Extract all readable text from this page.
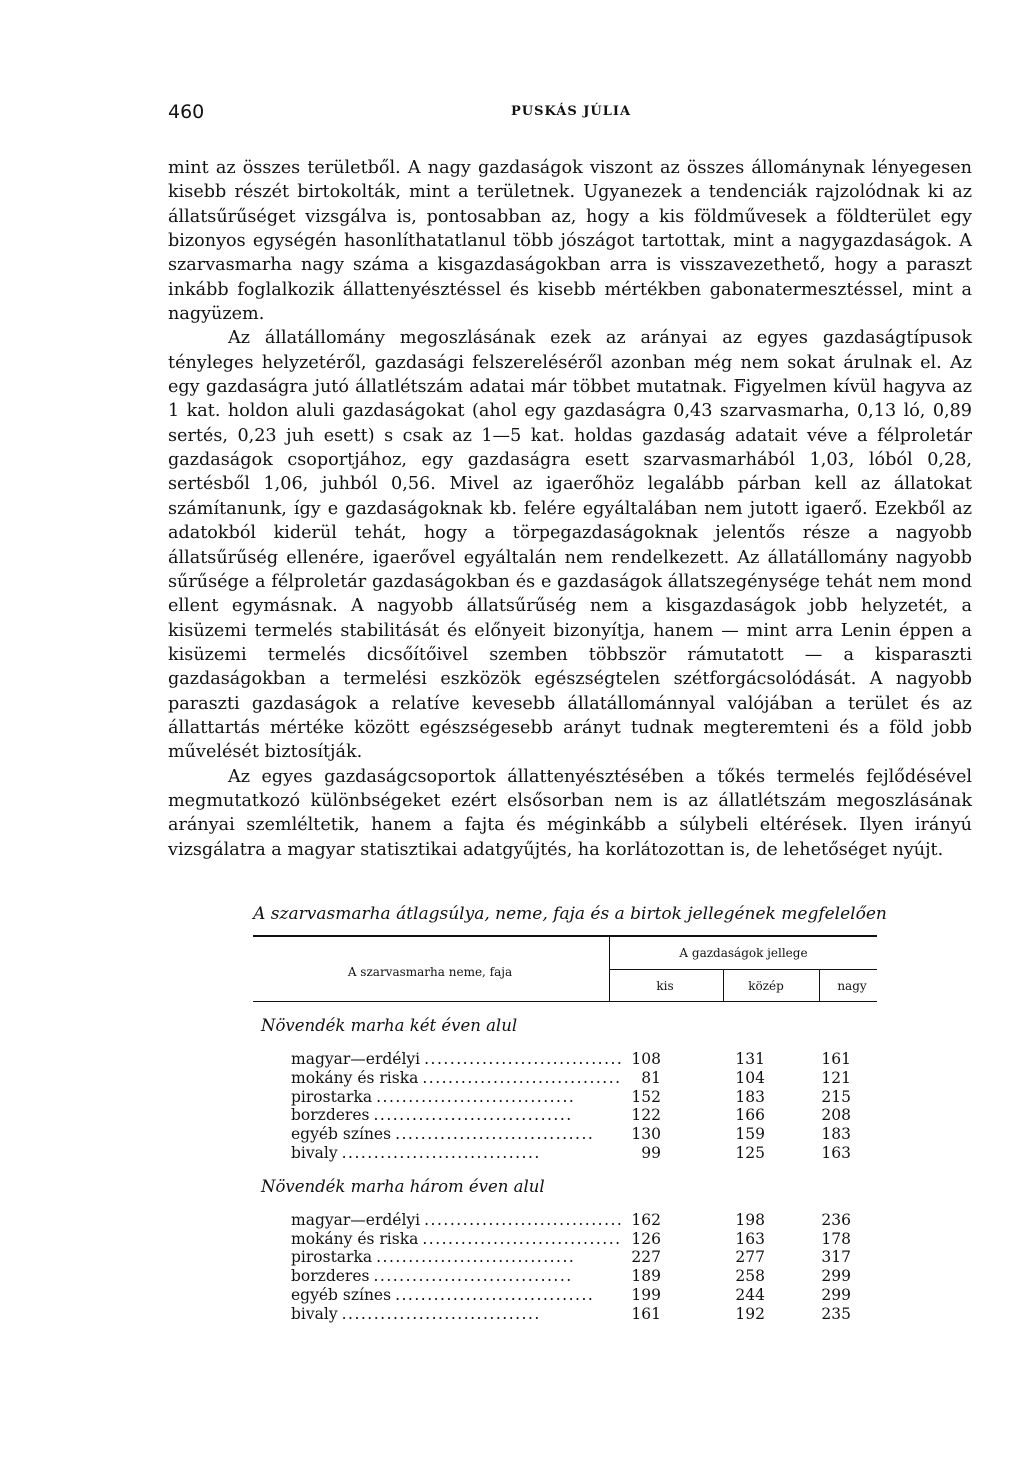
460	PUSKÁS JÚLIA

mint az összes területből. A nagy gazdaságok viszont az összes állománynak lényegesen kisebb részét birtokolták, mint a területnek. Ugyanezek a tendenciák rajzolódnak ki az állatsűrűséget vizsgálva is, pontosabban az, hogy a kis földművesek a földterület egy bizonyos egységén hasonlíthatatlanul több jószágot tartottak, mint a nagygazdaságok. A szarvasmarha nagy száma a kisgazdaságokban arra is visszavezethető, hogy a paraszt inkább foglalkozik állattenyésztéssel és kisebb mértékben gabonatermesztéssel, mint a nagyüzem.

Az állatállomány megoszlásának ezek az arányai az egyes gazdaságtípusok tényleges helyzetéről, gazdasági felszereléséről azonban még nem sokat árulnak el. Az egy gazdaságra jutó állatlétszám adatai már többet mutatnak. Figyelmen kívül hagyva az 1 kat. holdon aluli gazdaságokat (ahol egy gazdaságra 0,43 szarvasmarha, 0,13 ló, 0,89 sertés, 0,23 juh esett) s csak az 1—5 kat. holdas gazdaság adatait véve a félproletár gazdaságok csoportjához, egy gazdaságra esett szarvasmarhából 1,03, lóból 0,28, sertésből 1,06, juhból 0,56. Mivel az igaerőhöz legalább párban kell az állatokat számítanunk, így e gazdaságoknak kb. felére egyáltalában nem jutott igaerő. Ezekből az adatokból kiderül tehát, hogy a törpegazdaságoknak jelentős része a nagyobb állatsűrűség ellenére, igaerővel egyáltalán nem rendelkezett. Az állatállomány nagyobb sűrűsége a félproletár gazdaságokban és e gazdaságok állatszegénysége tehát nem mond ellent egymásnak. A nagyobb állatsűrűség nem a kisgazdaságok jobb helyzetét, a kisüzemi termelés stabilitását és előnyeit bizonyítja, hanem — mint arra Lenin éppen a kisüzemi termelés dicsőítőivel szemben többször rámutatott — a kisparaszti gazdaságokban a termelési eszközök egészségtelen szétforgácsolódását. A nagyobb paraszti gazdaságok a relatíve kevesebb állatállománnyal valójában a terület és az állattartás mértéke között egészségesebb arányt tudnak megteremteni és a föld jobb művelését biztosítják.

Az egyes gazdaságcsoportok állattenyésztésében a tőkés termelés fejlődésével megmutatkozó különbségeket ezért elsősorban nem is az állatlétszám megoszlásának arányai szemléltetik, hanem a fajta és méginkább a súlybeli eltérések. Ilyen irányú vizsgálatra a magyar statisztikai adatgyűjtés, ha korlátozottan is, de lehetőséget nyújt.

A szarvasmarha átlagsúlya, neme, faja és a birtok jellegének megfelelően
A szarvasmarha neme, faja
A gazdaságok jellege
kis	közép	nagy
Növendék marha két éven alul
magyar—erdélyi ............................... 108	131	161
mokány és riska ...............................	81	104	121
pirostarka ...............................	152	183	215
borzderes ...............................	122	166	208
egyéb színes ...............................	130	159	183
bivaly ...............................	99	125	163
Növendék marha három éven alul
magyar—erdélyi ............................... 162	198	236
mokány és riska ............................... 126	163	178
pirostarka ...............................	227	277	317
borzderes ...............................	189	258	299
egyéb színes ...............................	199	244	299
bivaly ...............................	161	192	235
